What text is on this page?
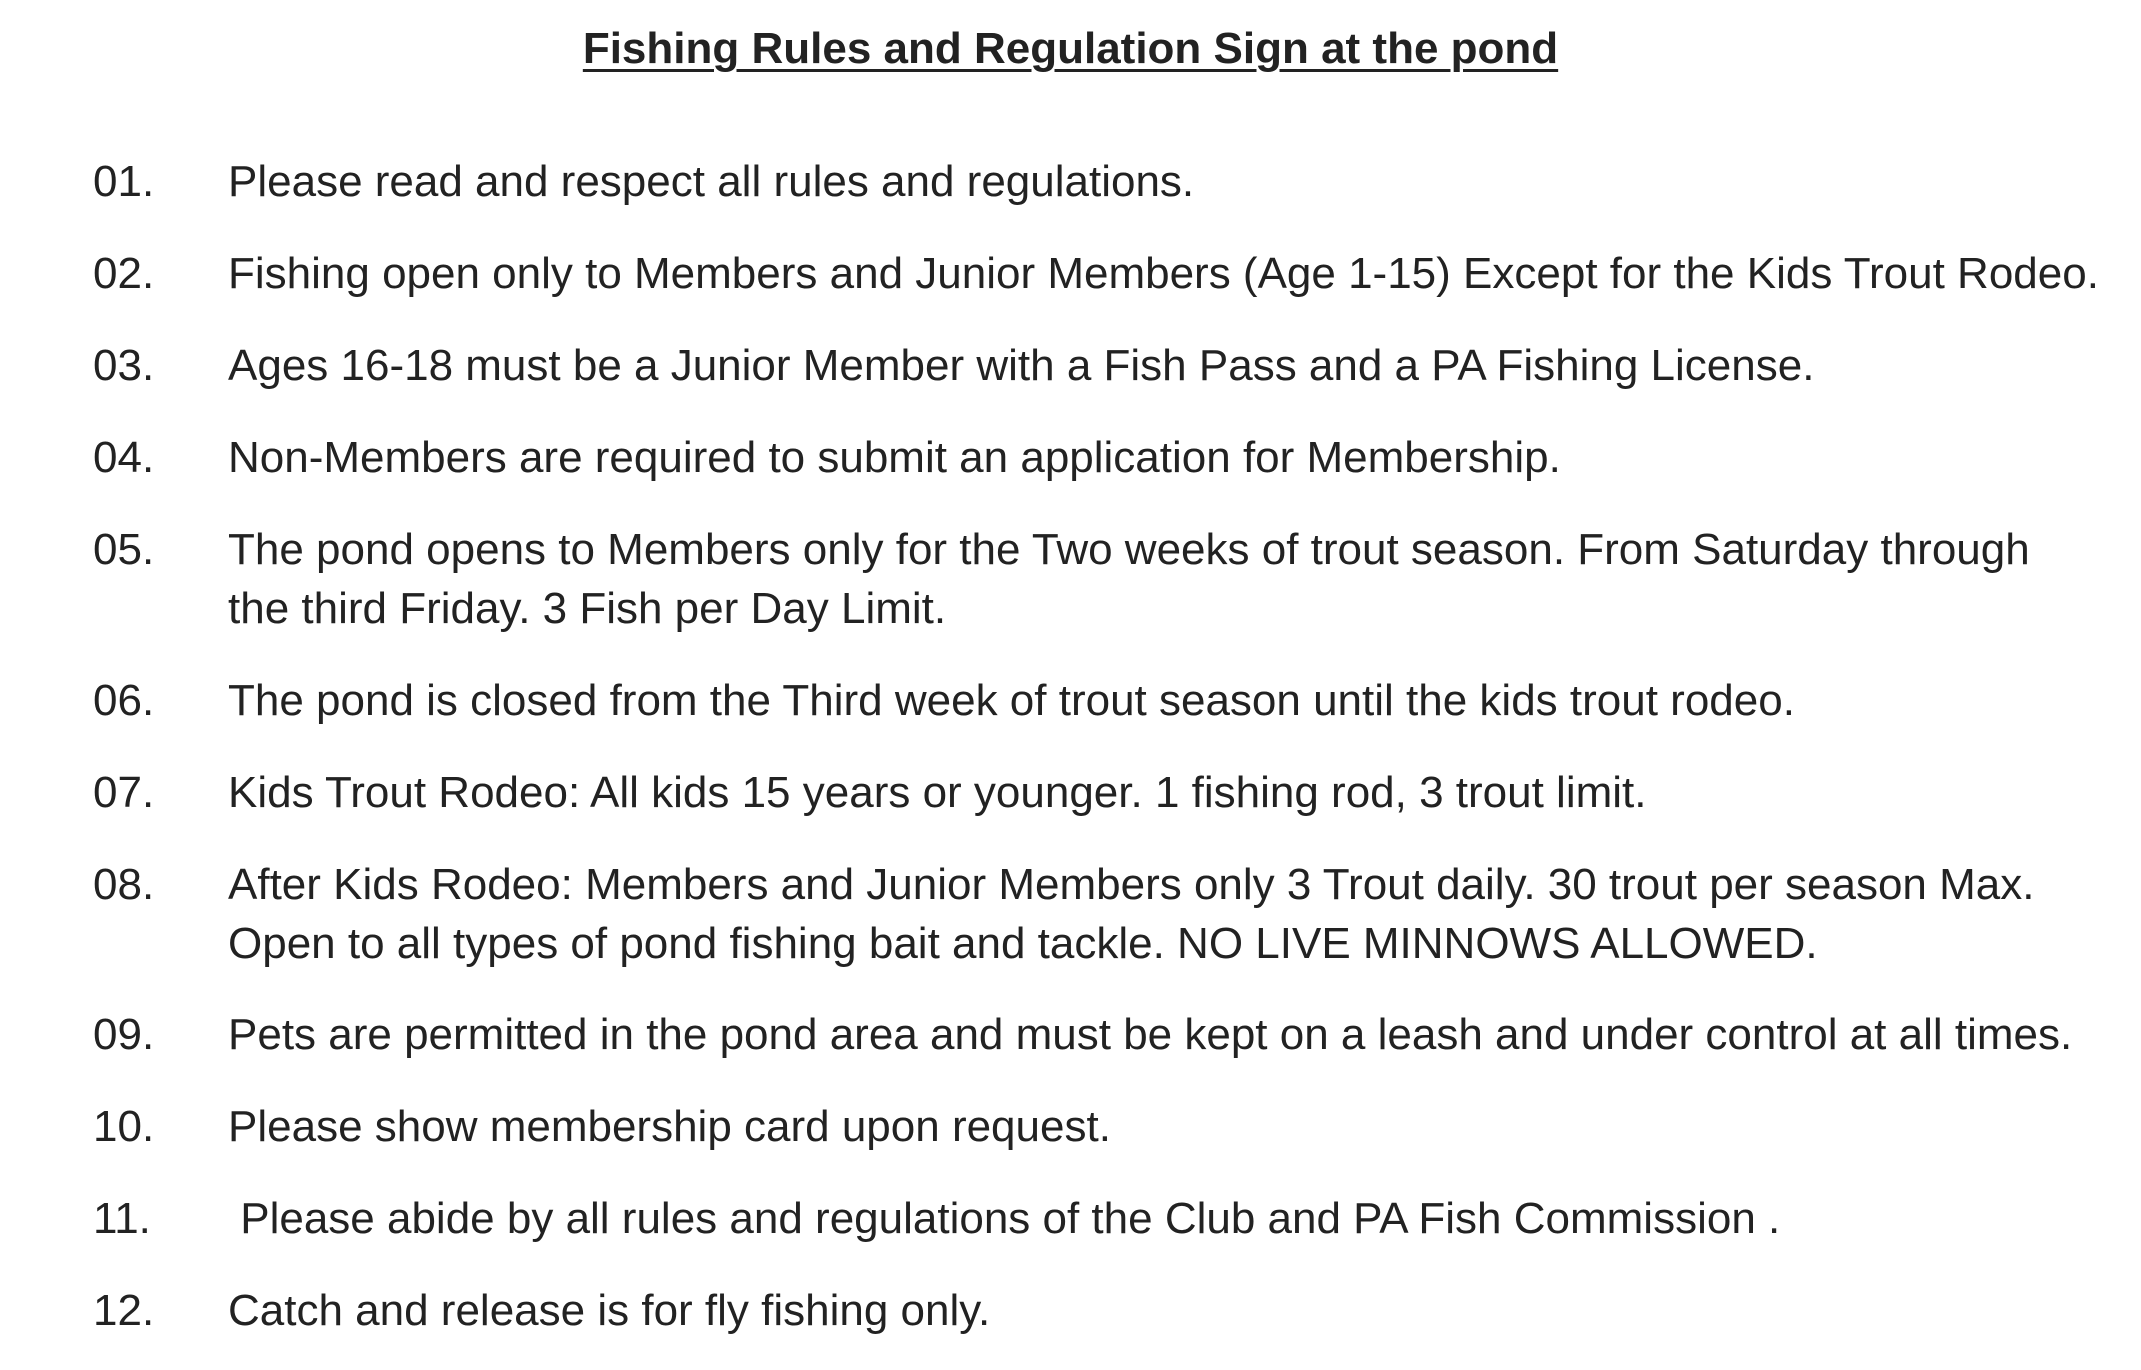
Fishing Rules and Regulation Sign at the pond
01. Please read and respect all rules and regulations.
02. Fishing open only to Members and Junior Members (Age 1-15) Except for the Kids Trout Rodeo.
03. Ages 16-18 must be a Junior Member with a Fish Pass and a PA Fishing License.
04. Non-Members are required to submit an application for Membership.
05. The pond opens to Members only for the Two weeks of trout season. From Saturday through
the third Friday. 3 Fish per Day Limit.
06. The pond is closed from the Third week of trout season until the kids trout rodeo.
07. Kids Trout Rodeo: All kids 15 years or younger. 1 fishing rod, 3 trout limit.
08. After Kids Rodeo: Members and Junior Members only 3 Trout daily. 30 trout per season Max.
Open to all types of pond fishing bait and tackle. NO LIVE MINNOWS ALLOWED.
09. Pets are permitted in the pond area and must be kept on a leash and under control at all times.
10. Please show membership card upon request.
11. Please abide by all rules and regulations of the Club and PA Fish Commission .
12. Catch and release is for fly fishing only.
